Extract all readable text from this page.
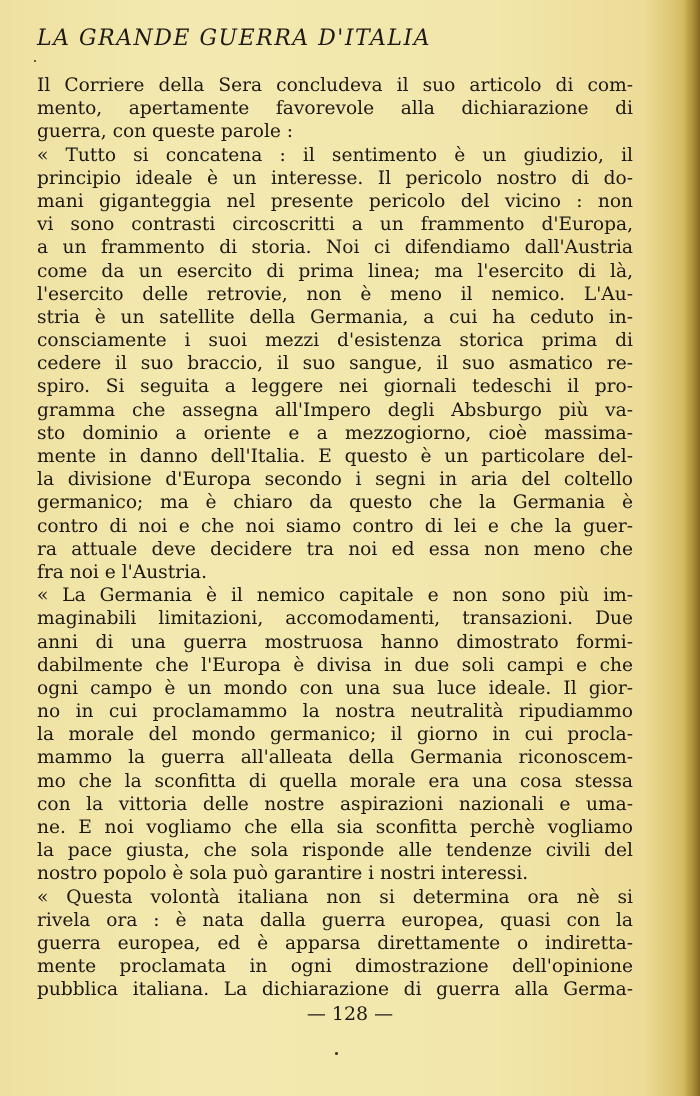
LA GRANDE GUERRA D'ITALIA
Il Corriere della Sera concludeva il suo articolo di com-
mento, apertamente favorevole alla dichiarazione di
guerra, con queste parole :
« Tutto si concatena : il sentimento è un giudizio, il
principio ideale è un interesse. Il pericolo nostro di do-
mani giganteggia nel presente pericolo del vicino : non
vi sono contrasti circoscritti a un frammento d'Europa,
a un frammento di storia. Noi ci difendiamo dall'Austria
come da un esercito di prima linea; ma l'esercito di là,
l'esercito delle retrovie, non è meno il nemico. L'Au-
stria è un satellite della Germania, a cui ha ceduto in-
consciamente i suoi mezzi d'esistenza storica prima di
cedere il suo braccio, il suo sangue, il suo asmatico re-
spiro. Si seguita a leggere nei giornali tedeschi il pro-
gramma che assegna all'Impero degli Absburgo più va-
sto dominio a oriente e a mezzogiorno, cioè massima-
mente in danno dell'Italia. E questo è un particolare del-
la divisione d'Europa secondo i segni in aria del coltello
germanico; ma è chiaro da questo che la Germania è
contro di noi e che noi siamo contro di lei e che la guer-
ra attuale deve decidere tra noi ed essa non meno che
fra noi e l'Austria.
« La Germania è il nemico capitale e non sono più im-
maginabili limitazioni, accomodamenti, transazioni. Due
anni di una guerra mostruosa hanno dimostrato formi-
dabilmente che l'Europa è divisa in due soli campi e che
ogni campo è un mondo con una sua luce ideale. Il gior-
no in cui proclamammo la nostra neutralità ripudiammo
la morale del mondo germanico; il giorno in cui procla-
mammo la guerra all'alleata della Germania riconoscem-
mo che la sconfitta di quella morale era una cosa stessa
con la vittoria delle nostre aspirazioni nazionali e uma-
ne. E noi vogliamo che ella sia sconfitta perchè vogliamo
la pace giusta, che sola risponde alle tendenze civili del
nostro popolo è sola può garantire i nostri interessi.
« Questa volontà italiana non si determina ora nè si
rivela ora : è nata dalla guerra europea, quasi con la
guerra europea, ed è apparsa direttamente o indiretta-
mente proclamata in ogni dimostrazione dell'opinione
pubblica italiana. La dichiarazione di guerra alla Germa-
— 128 —
